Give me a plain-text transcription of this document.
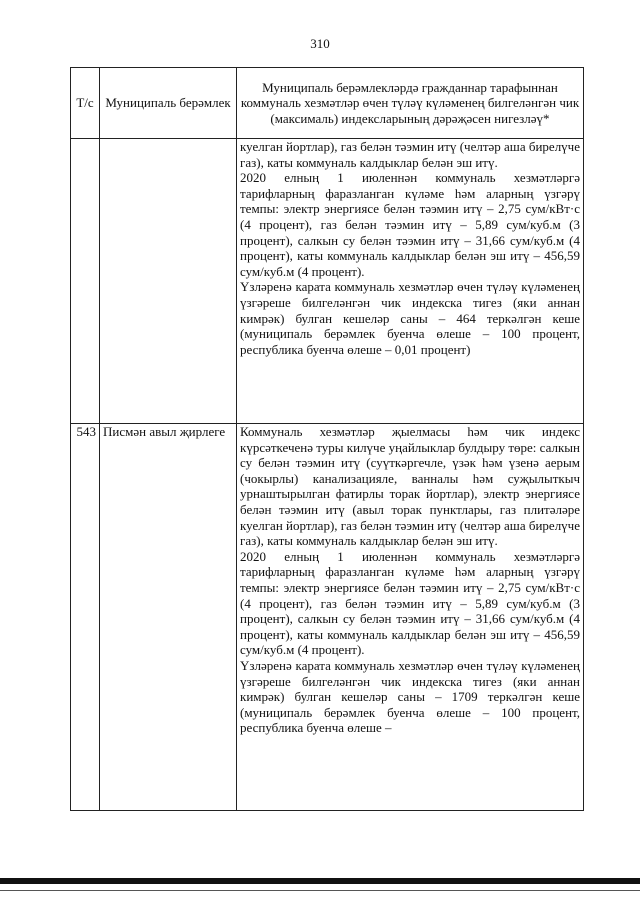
310
Т/с	Муниципаль берәмлек	Муниципаль берәмлекләрдә гражданнар тарафыннан коммуналь хезмәтләр өчен түләү күләменең билгеләнгән чик (максималь) индексларының дәрәҗәсен нигезләү*

		куелган йортлар), газ белән тәэмин итү (челтәр аша бирелүче газ), каты коммуналь калдыклар белән эш итү.

2020 елның 1 июленнән коммуналь хезмәтләргә тарифларның фаразланган күләме һәм аларның үзгәрү темпы: электр энергиясе белән тәэмин итү – 2,75 сум/кВт·с (4 процент), газ белән тәэмин итү – 5,89 сум/куб.м (3 процент), салкын су белән тәэмин итү – 31,66 сум/куб.м (4 процент), каты коммуналь калдыклар белән эш итү – 456,59 сум/куб.м (4 процент).

Үзләренә карата коммуналь хезмәтләр өчен түләү күләменең үзгәреше билгеләнгән чик индекска тигез (яки аннан кимрәк) булган кешеләр саны – 464 теркәлгән кеше (муниципаль берәмлек буенча өлеше – 100 процент, республика буенча өлеше – 0,01 процент)

543	Писмән авыл җирлеге	Коммуналь хезмәтләр җыелмасы һәм чик индекс күрсәткеченә туры килүче уңайлыклар булдыру төре: салкын су белән тәэмин итү (суүткәргечле, үзәк һәм үзенә аерым (чокырлы) канализацияле, ванналы һәм суҗылыткыч урнаштырылган фатирлы торак йортлар), электр энергиясе белән тәэмин итү (авыл торак пунктлары, газ плитәләре куелган йортлар), газ белән тәэмин итү (челтәр аша бирелүче газ), каты коммуналь калдыклар белән эш итү.

2020 елның 1 июленнән коммуналь хезмәтләргә тарифларның фаразланган күләме һәм аларның үзгәрү темпы: электр энергиясе белән тәэмин итү – 2,75 сум/кВт·с (4 процент), газ белән тәэмин итү – 5,89 сум/куб.м (3 процент), салкын су белән тәэмин итү – 31,66 сум/куб.м (4 процент), каты коммуналь калдыклар белән эш итү – 456,59 сум/куб.м (4 процент).

Үзләренә карата коммуналь хезмәтләр өчен түләү күләменең үзгәреше билгеләнгән чик индекска тигез (яки аннан кимрәк) булган кешеләр саны – 1709 теркәлгән кеше (муниципаль берәмлек буенча өлеше – 100 процент, республика буенча өлеше –
